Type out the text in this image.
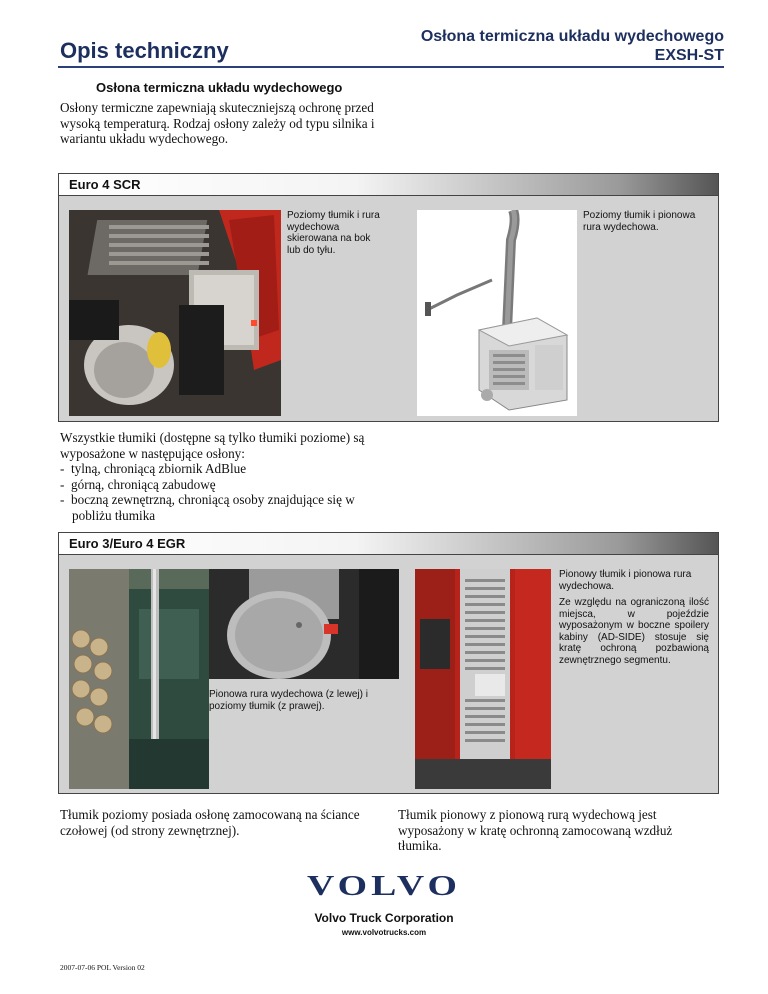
Opis techniczny
Osłona termiczna układu wydechowego
EXSH-ST
Osłona termiczna układu wydechowego
Osłony termiczne zapewniają skuteczniejszą ochronę przed wysoką temperaturą. Rodzaj osłony zależy od typu silnika i wariantu układu wydechowego.
Euro 4 SCR
Poziomy tłumik i rura wydechowa skierowana na bok lub do tyłu.
Poziomy tłumik i pionowa rura wydechowa.
Wszystkie tłumiki (dostępne są tylko tłumiki poziome) są wyposażone w następujące osłony:
-  tylną, chroniącą zbiornik AdBlue
-  górną, chroniącą zabudowę
-  boczną zewnętrzną, chroniącą osoby znajdujące się w pobliżu tłumika
Euro 3/Euro 4 EGR
Pionowa rura wydechowa (z lewej) i poziomy tłumik (z prawej).
Pionowy tłumik i pionowa rura wydechowa.
Ze względu na ograniczoną ilość miejsca, w pojeździe wyposażonym w boczne spoilery kabiny (AD-SIDE) stosuje się kratę ochroną pozbawioną zewnętrznego segmentu.
Tłumik poziomy posiada osłonę zamocowaną na ściance czołowej (od strony zewnętrznej).
Tłumik pionowy z pionową rurą wydechową jest wyposażony w kratę ochronną zamocowaną wzdłuż tłumika.
VOLVO
Volvo Truck Corporation
www.volvotrucks.com
2007-07-06 POL Version 02
